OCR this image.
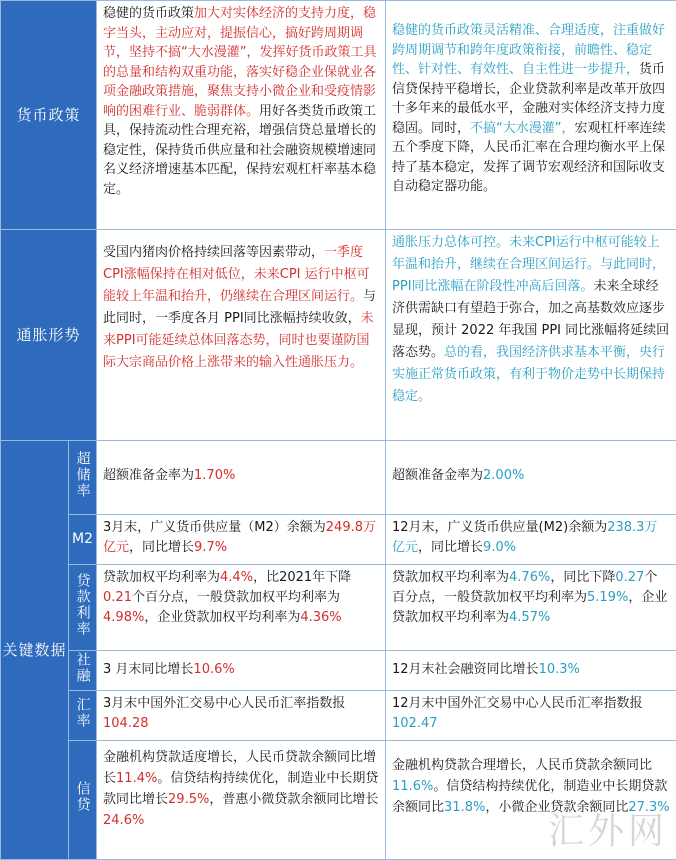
货币政策		稳健的货币政策加大对实体经济的支持力度，稳字当头，主动应对，提振信心，搞好跨周期调节，坚持不搞“大水漫灌”，发挥好货币政策工具的总量和结构双重功能，落实好稳企业保就业各项金融政策措施，聚焦支持小微企业和受疫情影响的困难行业、脆弱群体。用好各类货币政策工具，保持流动性合理充裕，增强信贷总量增长的稳定性，保持货币供应量和社会融资规模增速同名义经济增速基本匹配，保持宏观杠杆率基本稳定。	稳健的货币政策灵活精准、合理适度，注重做好跨周期调节和跨年度政策衔接，前瞻性、稳定性、针对性、有效性、自主性进一步提升，货币信贷保持平稳增长，企业贷款利率是改革开放四十多年来的最低水平，金融对实体经济支持力度稳固。同时，不搞“大水漫灌”，宏观杠杆率连续五个季度下降，人民币汇率在合理均衡水平上保持了基本稳定，发挥了调节宏观经济和国际收支自动稳定器功能。

通胀形势		受国内猪肉价格持续回落等因素带动，一季度CPI涨幅保持在相对低位，未来CPI 运行中枢可能较上年温和抬升，仍继续在合理区间运行。与此同时，一季度各月 PPI同比涨幅持续收敛，未来PPI可能延续总体回落态势，同时也要谨防国际大宗商品价格上涨带来的输入性通胀压力。	通胀压力总体可控。未来CPI运行中枢可能较上年温和抬升，继续在合理区间运行。与此同时，PPI同比涨幅在阶段性冲高后回落。未来全球经济供需缺口有望趋于弥合，加之高基数效应逐步显现，预计 2022 年我国 PPI 同比涨幅将延续回落态势。总的看，我国经济供求基本平衡，央行实施正常货币政策，有利于物价走势中长期保持稳定。

关键数据	超储率	超额准备金率为1.70%	超额准备金率为2.00%

	M2	3月末，广义货币供应量（M2）余额为249.8万亿元，同比增长9.7%	12月末，广义货币供应量(M2)余额为238.3万亿元，同比增长9.0%

	贷款利率	贷款加权平均利率为4.4%，比2021年下降0.21个百分点，一般贷款加权平均利率为4.98%，企业贷款加权平均利率为4.36%	贷款加权平均利率为4.76%，同比下降0.27个百分点，一般贷款加权平均利率为5.19%，企业贷款加权平均利率为4.57%

	社融	3 月末同比增长10.6%	12月末社会融资同比增长10.3%

	汇率	3月末中国外汇交易中心人民币汇率指数报104.28	12月末中国外汇交易中心人民币汇率指数报102.47

	信贷	金融机构贷款适度增长，人民币贷款余额同比增长11.4%。信贷结构持续优化，制造业中长期贷款同比增长29.5%，普惠小微贷款余额同比增长24.6%	金融机构贷款合理增长，人民币贷款余额同比11.6%。信贷结构持续优化，制造业中长期贷款余额同比31.8%，小微企业贷款余额同比27.3%
汇外网
